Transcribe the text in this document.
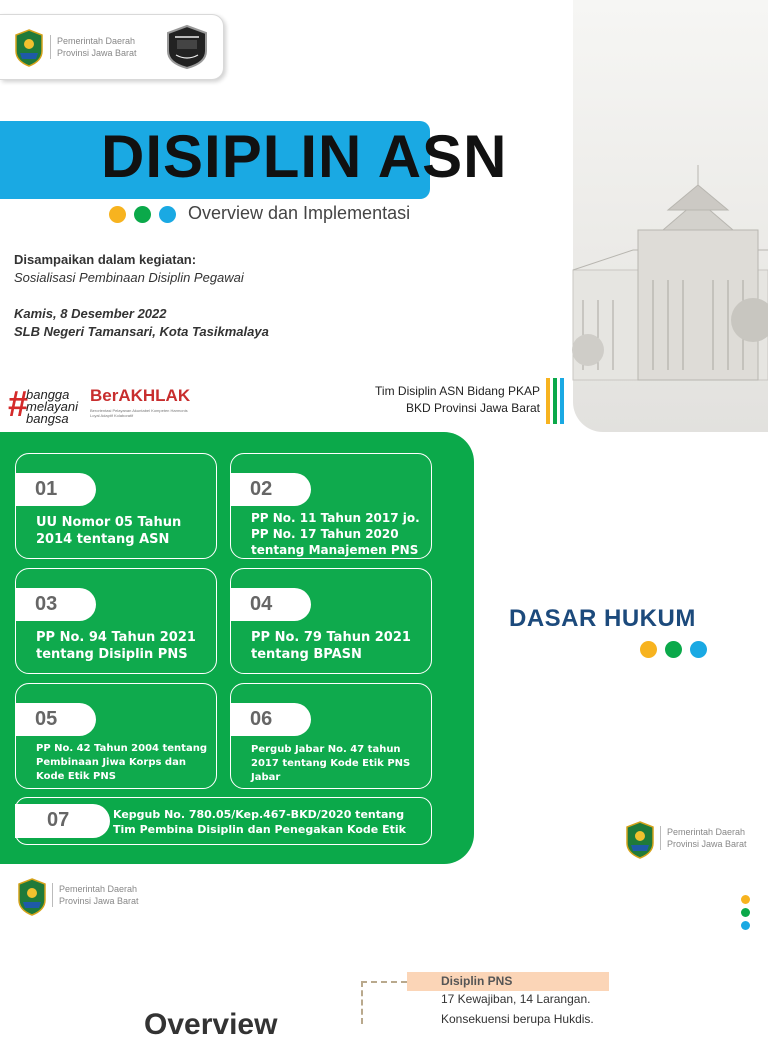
Pemerintah Daerah
Provinsi Jawa Barat
DISIPLIN ASN
Overview dan Implementasi
Disampaikan dalam kegiatan:
Sosialisasi Pembinaan Disiplin Pegawai
Kamis, 8 Desember 2022
SLB Negeri Tamansari, Kota Tasikmalaya
#
bangga
melayani
bangsa
BerAKHLAK
Berorientasi Pelayanan Akuntabel Kompeten Harmonis Loyal Adaptif Kolaboratif
Tim Disiplin ASN Bidang PKAP
BKD Provinsi Jawa Barat
01
UU Nomor 05 Tahun 2014 tentang ASN
02
PP No. 11 Tahun 2017 jo. PP No. 17 Tahun 2020 tentang Manajemen PNS
03
PP No. 94 Tahun 2021 tentang Disiplin PNS
04
PP No. 79 Tahun 2021 tentang BPASN
05
PP No. 42 Tahun 2004 tentang Pembinaan Jiwa Korps dan Kode Etik PNS
06
Pergub Jabar No. 47 tahun 2017 tentang Kode Etik PNS Jabar
07	Kepgub No. 780.05/Kep.467-BKD/2020 tentang Tim Pembina Disiplin dan Penegakan Kode Etik
DASAR HUKUM
Pemerintah Daerah
Provinsi Jawa Barat
Pemerintah Daerah
Provinsi Jawa Barat
Disiplin PNS
17 Kewajiban, 14 Larangan.
Konsekuensi berupa Hukdis.
Overview
